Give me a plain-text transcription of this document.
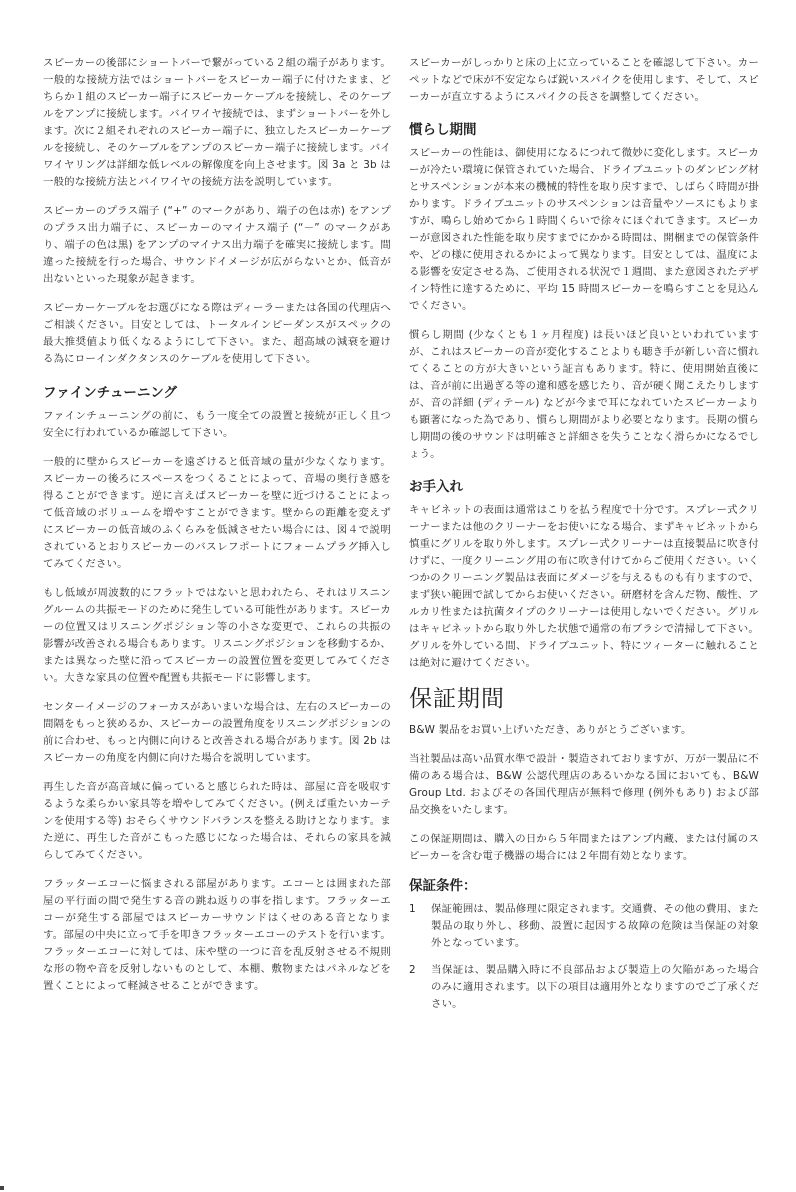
スピーカーの後部にショートバーで繋がっている２組の端子があります。一般的な接続方法ではショートバーをスピーカー端子に付けたまま、どちらか１組のスピーカー端子にスピーカーケーブルを接続し、そのケーブルをアンプに接続します。バイワイヤ接続では、まずショートバーを外します。次に２組それぞれのスピーカー端子に、独立したスピーカーケーブルを接続し、そのケーブルをアンプのスピーカー端子に接続します。バイワイヤリングは詳細な低レベルの解像度を向上させます。図 3a と 3b は一般的な接続方法とバイワイヤの接続方法を説明しています。

スピーカーのプラス端子 (“+” のマークがあり、端子の色は赤) をアンプのプラス出力端子に、スピーカーのマイナス端子 (“－” のマークがあり、端子の色は黒) をアンプのマイナス出力端子を確実に接続します。間違った接続を行った場合、サウンドイメージが広がらないとか、低音が出ないといった現象が起きます。

スピーカーケーブルをお選びになる際はディーラーまたは各国の代理店へご相談ください。目安としては、トータルインピーダンスがスペックの最大推奨値より低くなるようにして下さい。また、超高域の減衰を避ける為にローインダクタンスのケーブルを使用して下さい。

ファインチューニング

ファインチューニングの前に、もう一度全ての設置と接続が正しく且つ安全に行われているか確認して下さい。

一般的に壁からスピーカーを遠ざけると低音域の量が少なくなります。スピーカーの後ろにスペースをつくることによって、音場の奥行き感を得ることができます。逆に言えばスピーカーを壁に近づけることによって低音域のボリュームを増やすことができます。壁からの距離を変えずにスピーカーの低音域のふくらみを低減させたい場合には、図４で説明されているとおりスピーカーのバスレフポートにフォームプラグ挿入してみてください。

もし低域が周波数的にフラットではないと思われたら、それはリスニングルームの共振モードのために発生している可能性があります。スピーカーの位置又はリスニングポジション等の小さな変更で、これらの共振の影響が改善される場合もあります。リスニングポジションを移動するか、または異なった壁に沿ってスピーカーの設置位置を変更してみてください。大きな家具の位置や配置も共振モードに影響します。

センターイメージのフォーカスがあいまいな場合は、左右のスピーカーの間隔をもっと狭めるか、スピーカーの設置角度をリスニングポジションの前に合わせ、もっと内側に向けると改善される場合があります。図 2b はスピーカーの角度を内側に向けた場合を説明しています。

再生した音が高音域に偏っていると感じられた時は、部屋に音を吸収するような柔らかい家具等を増やしてみてください。(例えば重たいカーテンを使用する等) おそらくサウンドバランスを整える助けとなります。また逆に、再生した音がこもった感じになった場合は、それらの家具を減らしてみてください。

フラッターエコーに悩まされる部屋があります。エコーとは囲まれた部屋の平行面の間で発生する音の跳ね返りの事を指します。フラッターエコーが発生する部屋ではスピーカーサウンドはくせのある音となります。部屋の中央に立って手を叩きフラッターエコーのテストを行います。フラッターエコーに対しては、床や壁の一つに音を乱反射させる不規則な形の物や音を反射しないものとして、本棚、敷物またはパネルなどを置くことによって軽減させることができます。

スピーカーがしっかりと床の上に立っていることを確認して下さい。カーペットなどで床が不安定ならば鋭いスパイクを使用します、そして、スピーカーが直立するようにスパイクの長さを調整してください。

慣らし期間

スピーカーの性能は、御使用になるにつれて微妙に変化します。スピーカーが冷たい環境に保管されていた場合、ドライブユニットのダンピング材とサスペンションが本来の機械的特性を取り戻すまで、しばらく時間が掛かります。ドライブユニットのサスペンションは音量やソースにもよりますが、鳴らし始めてから１時間くらいで徐々にほぐれてきます。スピーカーが意図された性能を取り戻すまでにかかる時間は、開梱までの保管条件や、どの様に使用されるかによって異なります。目安としては、温度による影響を安定させる為、ご使用される状況で１週間、また意図されたデザイン特性に達するために、平均 15 時間スピーカーを鳴らすことを見込んでください。

慣らし期間 (少なくとも１ヶ月程度) は長いほど良いといわれていますが、これはスピーカーの音が変化することよりも聴き手が新しい音に慣れてくることの方が大きいという証言もあります。特に、使用開始直後には、音が前に出過ぎる等の違和感を感じたり、音が硬く聞こえたりしますが、音の詳細 (ディテール) などが今まで耳になれていたスピーカーよりも顕著になった為であり、慣らし期間がより必要となります。長期の慣らし期間の後のサウンドは明確さと詳細さを失うことなく滑らかになるでしょう。

お手入れ

キャビネットの表面は通常はこりを払う程度で十分です。スプレー式クリーナーまたは他のクリーナーをお使いになる場合、まずキャビネットから慎重にグリルを取り外します。スプレー式クリーナーは直接製品に吹き付けずに、一度クリーニング用の布に吹き付けてからご使用ください。いくつかのクリーニング製品は表面にダメージを与えるものも有りますので、まず狭い範囲で試してからお使いください。研磨材を含んだ物、酸性、アルカリ性または抗菌タイプのクリーナーは使用しないでください。グリルはキャビネットから取り外した状態で通常の布ブラシで清掃して下さい。グリルを外している間、ドライブユニット、特にツィーターに触れることは絶対に避けてください。

保証期間

B&W 製品をお買い上げいただき、ありがとうございます。

当社製品は高い品質水準で設計・製造されておりますが、万が一製品に不備のある場合は、B&W 公認代理店のあるいかなる国においても、B&W Group Ltd. およびその各国代理店が無料で修理 (例外もあり) および部品交換をいたします。

この保証期間は、購入の日から５年間またはアンプ内蔵、または付属のスピーカーを含む電子機器の場合には２年間有効となります。

保証条件：
1	保証範囲は、製品修理に限定されます。交通費、その他の費用、また製品の取り外し、移動、設置に起因する故障の危険は当保証の対象外となっています。
2	当保証は、製品購入時に不良部品および製造上の欠陥があった場合のみに適用されます。以下の項目は適用外となりますのでご了承ください。
